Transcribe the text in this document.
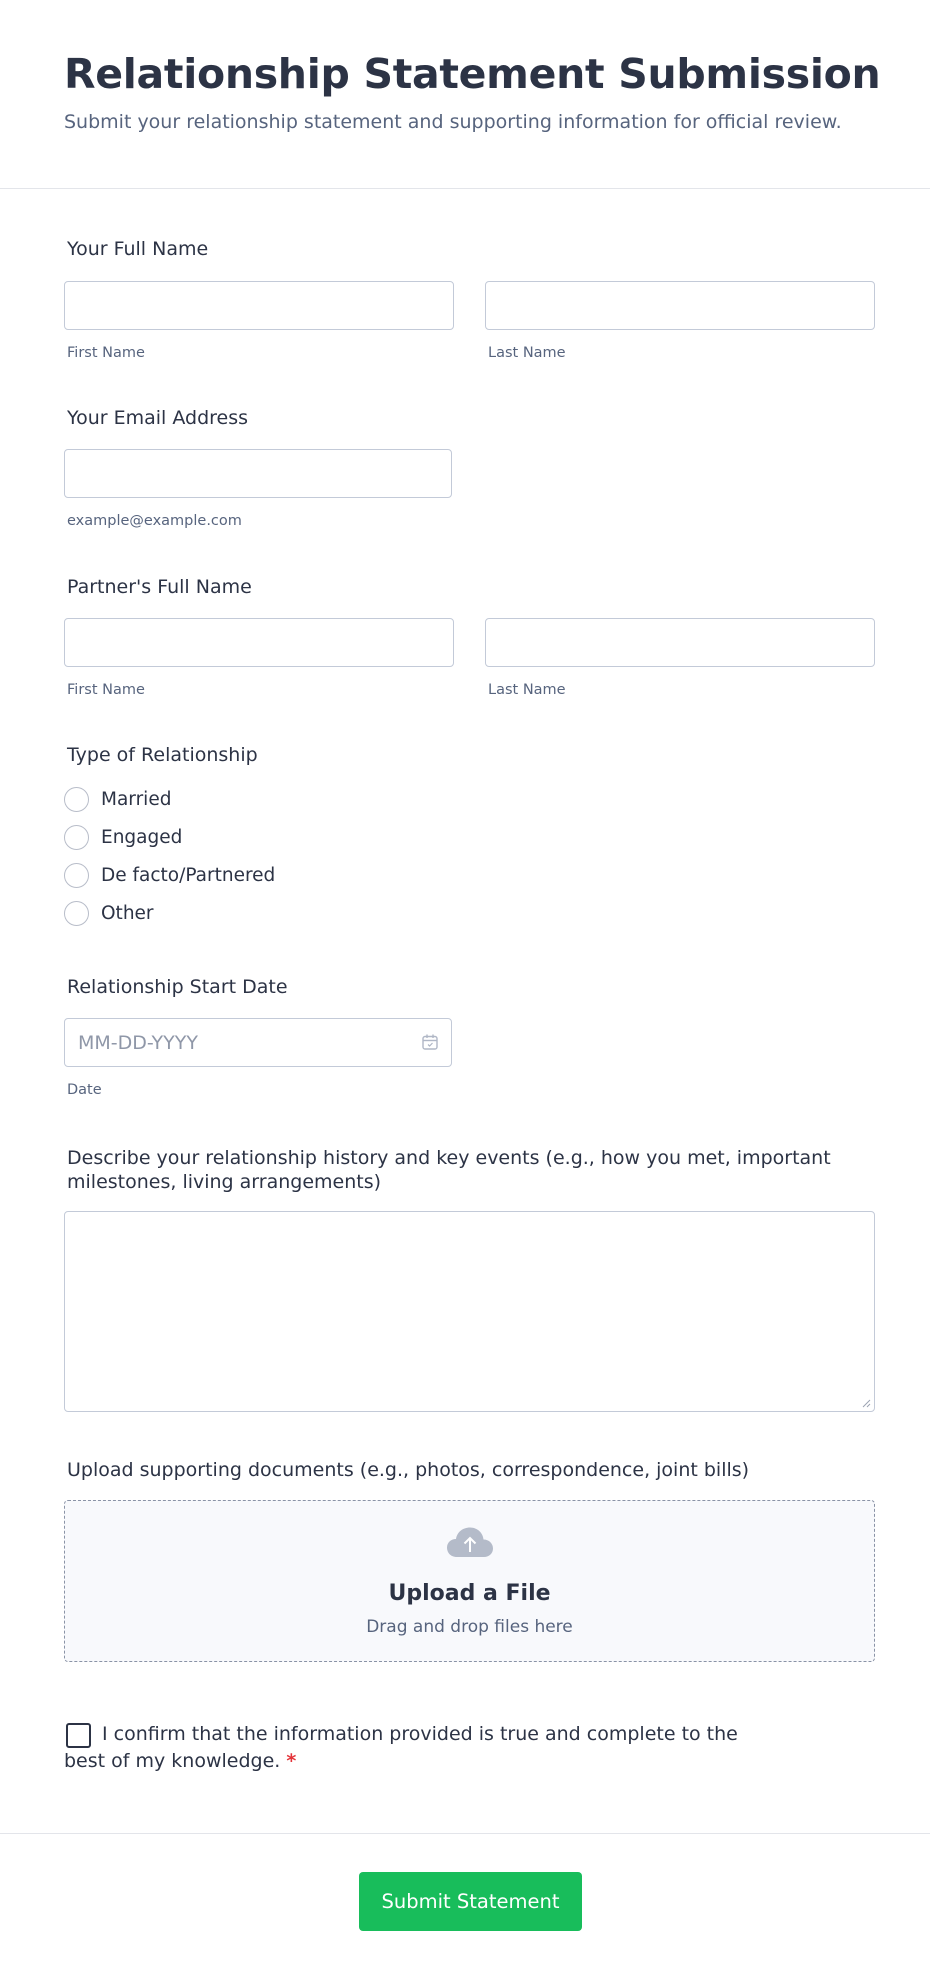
Relationship Statement Submission
Submit your relationship statement and supporting information for official review.
Your Full Name
First Name	Last Name
Your Email Address
example@example.com
Partner's Full Name
First Name	Last Name
Type of Relationship
Married
Engaged
De facto/Partnered
Other
Relationship Start Date
MM-DD-YYYY
Date
Describe your relationship history and key events (e.g., how you met, important
milestones, living arrangements)
Upload supporting documents (e.g., photos, correspondence, joint bills)
Upload a File
Drag and drop files here
I confirm that the information provided is true and complete to the best of my knowledge. *
Submit Statement
